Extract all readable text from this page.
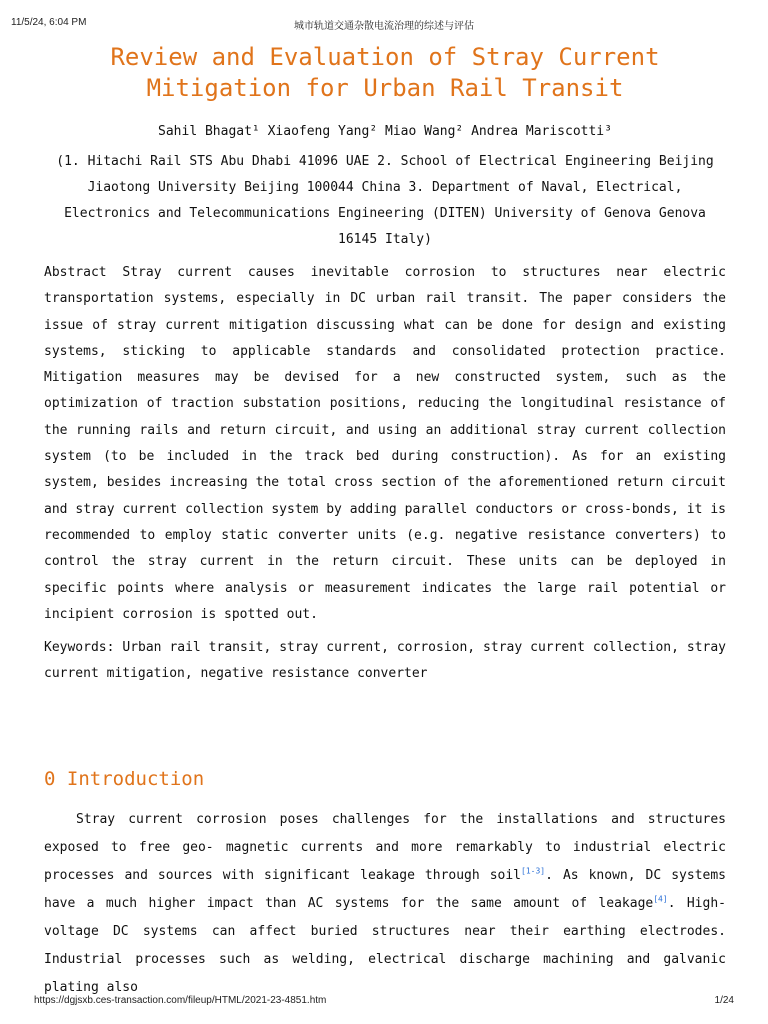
11/5/24, 6:04 PM	城市轨道交通杂散电流治理的综述与评估
Review and Evaluation of Stray Current
Mitigation for Urban Rail Transit
Sahil Bhagat¹ Xiaofeng Yang² Miao Wang² Andrea Mariscotti³
(1. Hitachi Rail STS Abu Dhabi 41096 UAE 2. School of Electrical Engineering Beijing Jiaotong University Beijing 100044 China 3. Department of Naval, Electrical, Electronics and Telecommunications Engineering (DITEN) University of Genova Genova 16145 Italy)
Abstract Stray current causes inevitable corrosion to structures near electric transportation systems, especially in DC urban rail transit. The paper considers the issue of stray current mitigation discussing what can be done for design and existing systems, sticking to applicable standards and consolidated protection practice. Mitigation measures may be devised for a new constructed system, such as the optimization of traction substation positions, reducing the longitudinal resistance of the running rails and return circuit, and using an additional stray current collection system (to be included in the track bed during construction). As for an existing system, besides increasing the total cross section of the aforementioned return circuit and stray current collection system by adding parallel conductors or cross-bonds, it is recommended to employ static converter units (e.g. negative resistance converters) to control the stray current in the return circuit. These units can be deployed in specific points where analysis or measurement indicates the large rail potential or incipient corrosion is spotted out.
Keywords: Urban rail transit, stray current, corrosion, stray current collection, stray current mitigation, negative resistance converter
0 Introduction

Stray current corrosion poses challenges for the installations and structures exposed to free geo- magnetic currents and more remarkably to industrial electric processes and sources with significant leakage through soil[1-3]. As known, DC systems have a much higher impact than AC systems for the same amount of leakage[4]. High-voltage DC systems can affect buried structures near their earthing electrodes. Industrial processes such as welding, electrical discharge machining and galvanic plating also

https://dgjsxb.ces-transaction.com/fileup/HTML/2021-23-4851.htm	1/24
